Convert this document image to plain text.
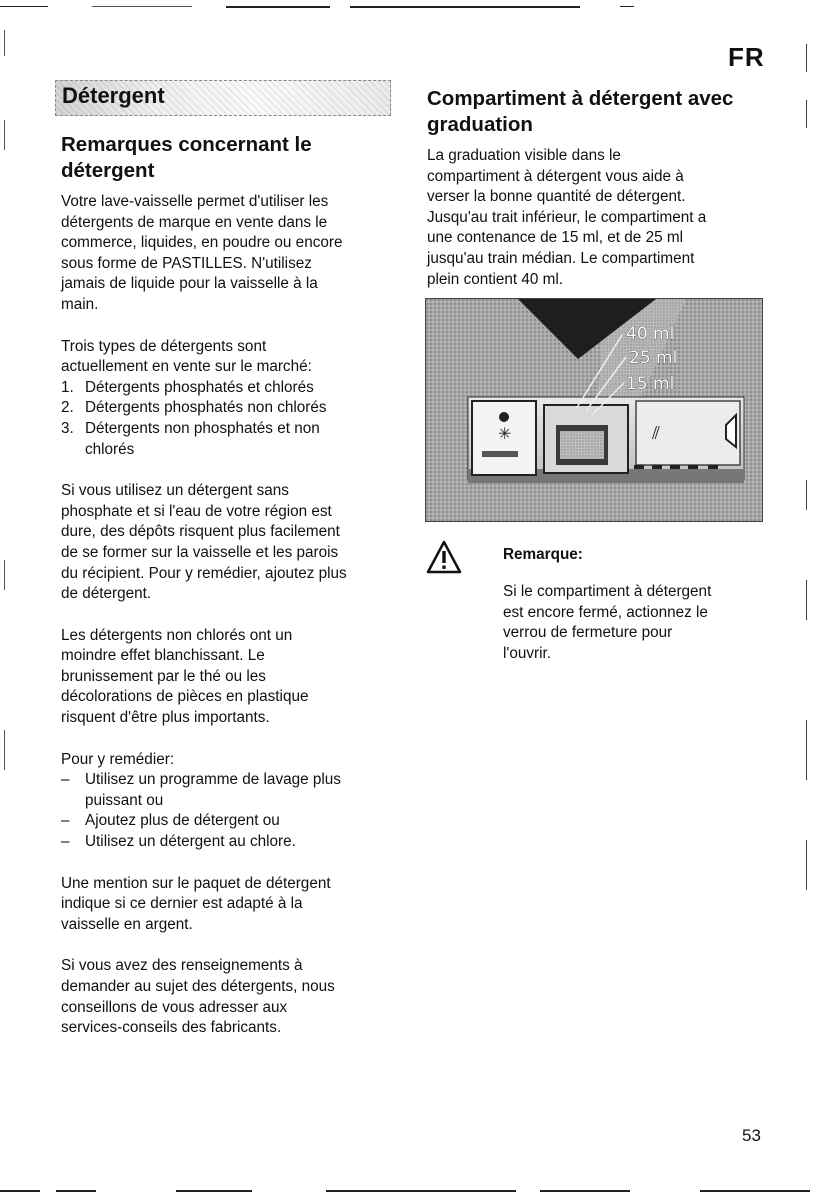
FR
Détergent
Remarques concernant le
détergent

Votre lave-vaisselle permet d'utiliser les
détergents de marque en vente dans le
commerce, liquides, en poudre ou encore
sous forme de PASTILLES. N'utilisez
jamais de liquide pour la vaisselle à la
main.

Trois types de détergents sont
actuellement en vente sur le marché:

1. Détergents phosphatés et chlorés
2. Détergents phosphatés non chlorés
3. Détergents non phosphatés et non
chlorés

Si vous utilisez un détergent sans
phosphate et si l'eau de votre région est
dure, des dépôts risquent plus facilement
de se former sur la vaisselle et les parois
du récipient. Pour y remédier, ajoutez plus
de détergent.

Les détergents non chlorés ont un
moindre effet blanchissant. Le
brunissement par le thé ou les
décolorations de pièces en plastique
risquent d'être plus importants.

Pour y remédier:

– Utilisez un programme de lavage plus
puissant ou
– Ajoutez plus de détergent ou
– Utilisez un détergent au chlore.

Une mention sur le paquet de détergent
indique si ce dernier est adapté à la
vaisselle en argent.

Si vous avez des renseignements à
demander au sujet des détergents, nous
conseillons de vous adresser aux
services-conseils des fabricants.

Compartiment à détergent avec
graduation

La graduation visible dans le
compartiment à détergent vous aide à
verser la bonne quantité de détergent.
Jusqu'au trait inférieur, le compartiment a
une contenance de 15 ml, et de 25 ml
jusqu'au train médian. Le compartiment
plein contient 40 ml.

✳	⫽
40 ml
25 ml
15 ml
Remarque:
Si le compartiment à détergent
est encore fermé, actionnez le
verrou de fermeture pour
l'ouvrir.
53
